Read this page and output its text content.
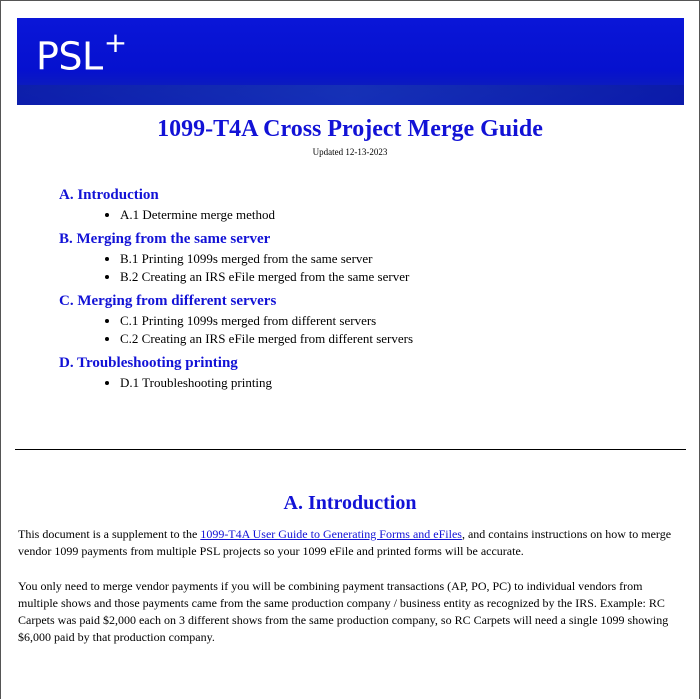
PSL+
1099-T4A Cross Project Merge Guide
Updated 12-13-2023
A. Introduction
• A.1 Determine merge method
B. Merging from the same server
• B.1 Printing 1099s merged from the same server
• B.2 Creating an IRS eFile merged from the same server
C. Merging from different servers
• C.1 Printing 1099s merged from different servers
• C.2 Creating an IRS eFile merged from different servers
D. Troubleshooting printing
• D.1 Troubleshooting printing
A. Introduction
This document is a supplement to the 1099-T4A User Guide to Generating Forms and eFiles, and contains instructions on how to merge vendor 1099 payments from multiple PSL projects so your 1099 eFile and printed forms will be accurate.
You only need to merge vendor payments if you will be combining payment transactions (AP, PO, PC) to individual vendors from multiple shows and those payments came from the same production company / business entity as recognized by the IRS. Example: RC Carpets was paid $2,000 each on 3 different shows from the same production company, so RC Carpets will need a single 1099 showing $6,000 paid by that production company.
